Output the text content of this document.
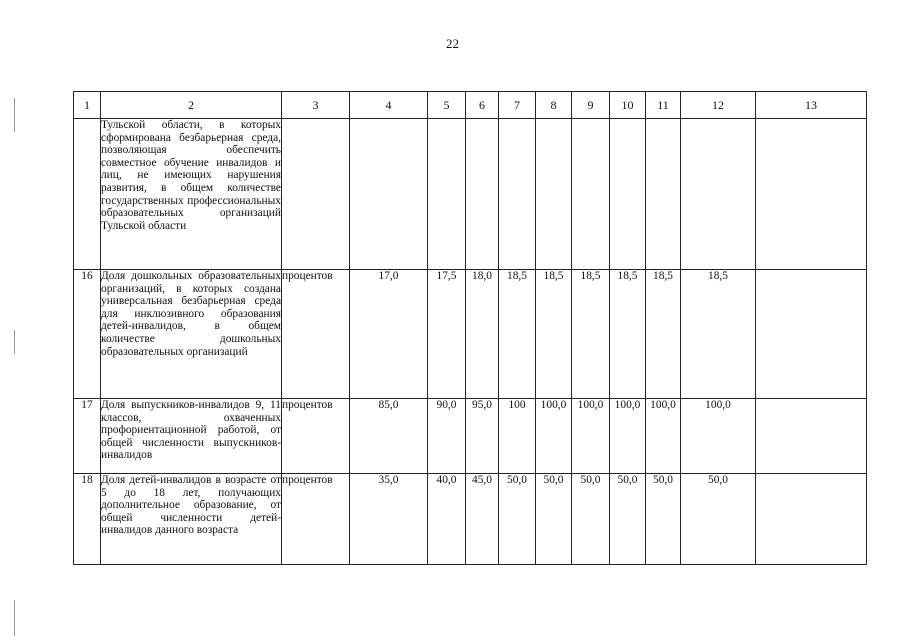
22
1	2	3	4	5	6	7	8	9	10	11	12	13
	Тульской области, в которых сформирована безбарьерная среда, позволяющая обеспечить совместное обучение инвалидов и лиц, не имеющих нарушения развития, в общем количестве государственных профессиональных образовательных организаций Тульской области											
16	Доля дошкольных образовательных организаций, в которых создана универсальная безбарьерная среда для инклюзивного образования детей-инвалидов, в общем количестве дошкольных образовательных организаций	процентов	17,0	17,5	18,0	18,5	18,5	18,5	18,5	18,5	18,5	
17	Доля выпускников-инвалидов 9, 11 классов, охваченных профориентационной работой, от общей численности выпускников-инвалидов	процентов	85,0	90,0	95,0	100	100,0	100,0	100,0	100,0	100,0	
18	Доля детей-инвалидов в возрасте от 5 до 18 лет, получающих дополнительное образование, от общей численности детей-инвалидов данного возраста	процентов	35,0	40,0	45,0	50,0	50,0	50,0	50,0	50,0	50,0	
